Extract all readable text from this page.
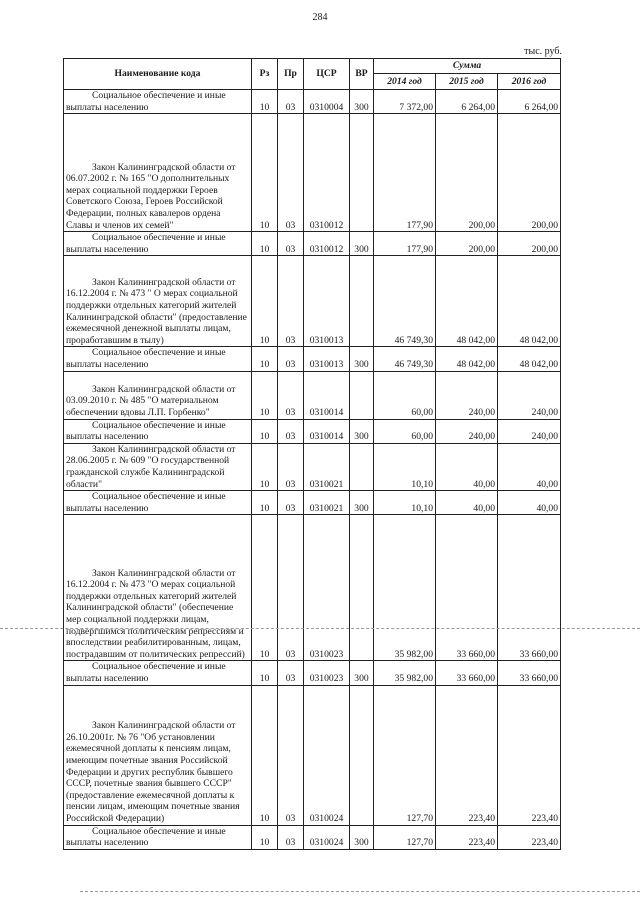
284
тыс. руб.
Наименование кода	Рз	Пр	ЦСР	ВР	Сумма		
					2014 год	2015 год	2016 год

Социальное обеспечение и иные выплаты населению	10	03	0310004	300	7 372,00	6 264,00	6 264,00

Закон Калининградской области от 06.07.2002 г. № 165 "О дополнительных мерах социальной поддержки Героев Советского Союза, Героев Российской Федерации, полных кавалеров ордена Славы и членов их семей"	10	03	0310012		177,90	200,00	200,00

Социальное обеспечение и иные выплаты населению	10	03	0310012	300	177,90	200,00	200,00

Закон Калининградской области от 16.12.2004 г. № 473 " О мерах социальной поддержки отдельных категорий жителей Калининградской области" (предоставление ежемесячной денежной выплаты лицам, проработавшим в тылу)	10	03	0310013		46 749,30	48 042,00	48 042,00

Социальное обеспечение и иные выплаты населению	10	03	0310013	300	46 749,30	48 042,00	48 042,00

Закон Калининградской области от 03.09.2010 г. № 485 "О материальном обеспечении вдовы Л.П. Горбенко"	10	03	0310014		60,00	240,00	240,00

Социальное обеспечение и иные выплаты населению	10	03	0310014	300	60,00	240,00	240,00

Закон Калининградской области от 28.06.2005 г. № 609 "О государственной гражданской службе Калининградской области"	10	03	0310021		10,10	40,00	40,00

Социальное обеспечение и иные выплаты населению	10	03	0310021	300	10,10	40,00	40,00

Закон Калининградской области от 16.12.2004 г. № 473 "О мерах социальной поддержки отдельных категорий жителей Калининградской области" (обеспечение мер социальной поддержки лицам, подвергшимся политическим репрессиям и впоследствии реабилитированным, лицам, пострадавшим от политических репрессий)	10	03	0310023		35 982,00	33 660,00	33 660,00

Социальное обеспечение и иные выплаты населению	10	03	0310023	300	35 982,00	33 660,00	33 660,00

Закон Калининградской области от 26.10.2001г. № 76 "Об установлении ежемесячной доплаты к пенсиям лицам, имеющим почетные звания Российской Федерации и других республик бывшего СССР, почетные звания бывшего СССР" (предоставление ежемесячной доплаты к пенсии лицам, имеющим почетные звания Российской Федерации)	10	03	0310024		127,70	223,40	223,40

Социальное обеспечение и иные выплаты населению	10	03	0310024	300	127,70	223,40	223,40
